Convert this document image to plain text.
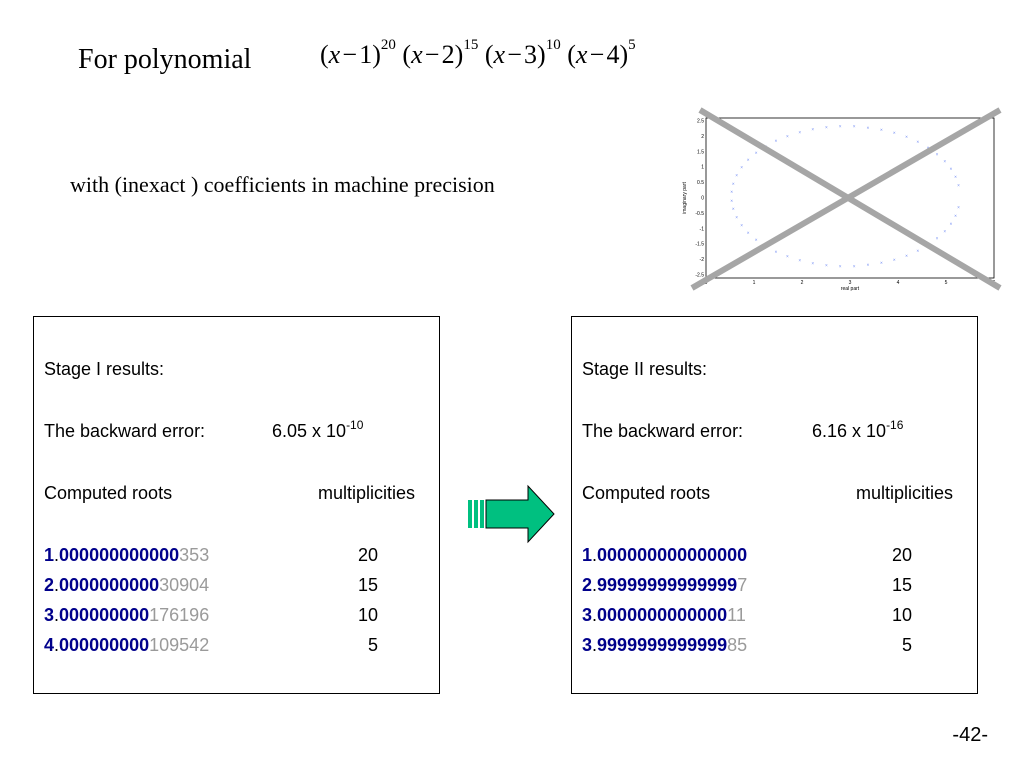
For polynomial	(x − 1)$^{20}$ (x − 2)$^{15}$ (x − 3)$^{10}$ (x − 4)$^5$
with (inexact ) coefficients in machine precision
2.5
2
1.5
1
0.5
0
-0.5
-1
-1.5
-2
-2.5
1	2	3	4	5
imaginary part
real part
×
×
×
×
×
×
×
×
×
×
×
×
×
×
×
×
×
×
×
×
×
×
×
×
×
×
×
×
×
×
×
×
× × × × × ×
×
×
×
×
×
×
×
×
Stage I results:
The backward error:	6.05 x $10^{-10}$
Computed roots	multiplicities
1.000000000000353	20
2.000000000030904	15
3.000000000176196	10
4.000000000109542	5
Stage II results:
The backward error:	6.16 x $10^{-16}$
Computed roots	multiplicities
1.000000000000000	20
2.999999999999997	15
3.000000000000011	10
3.999999999999985	5
-42-
